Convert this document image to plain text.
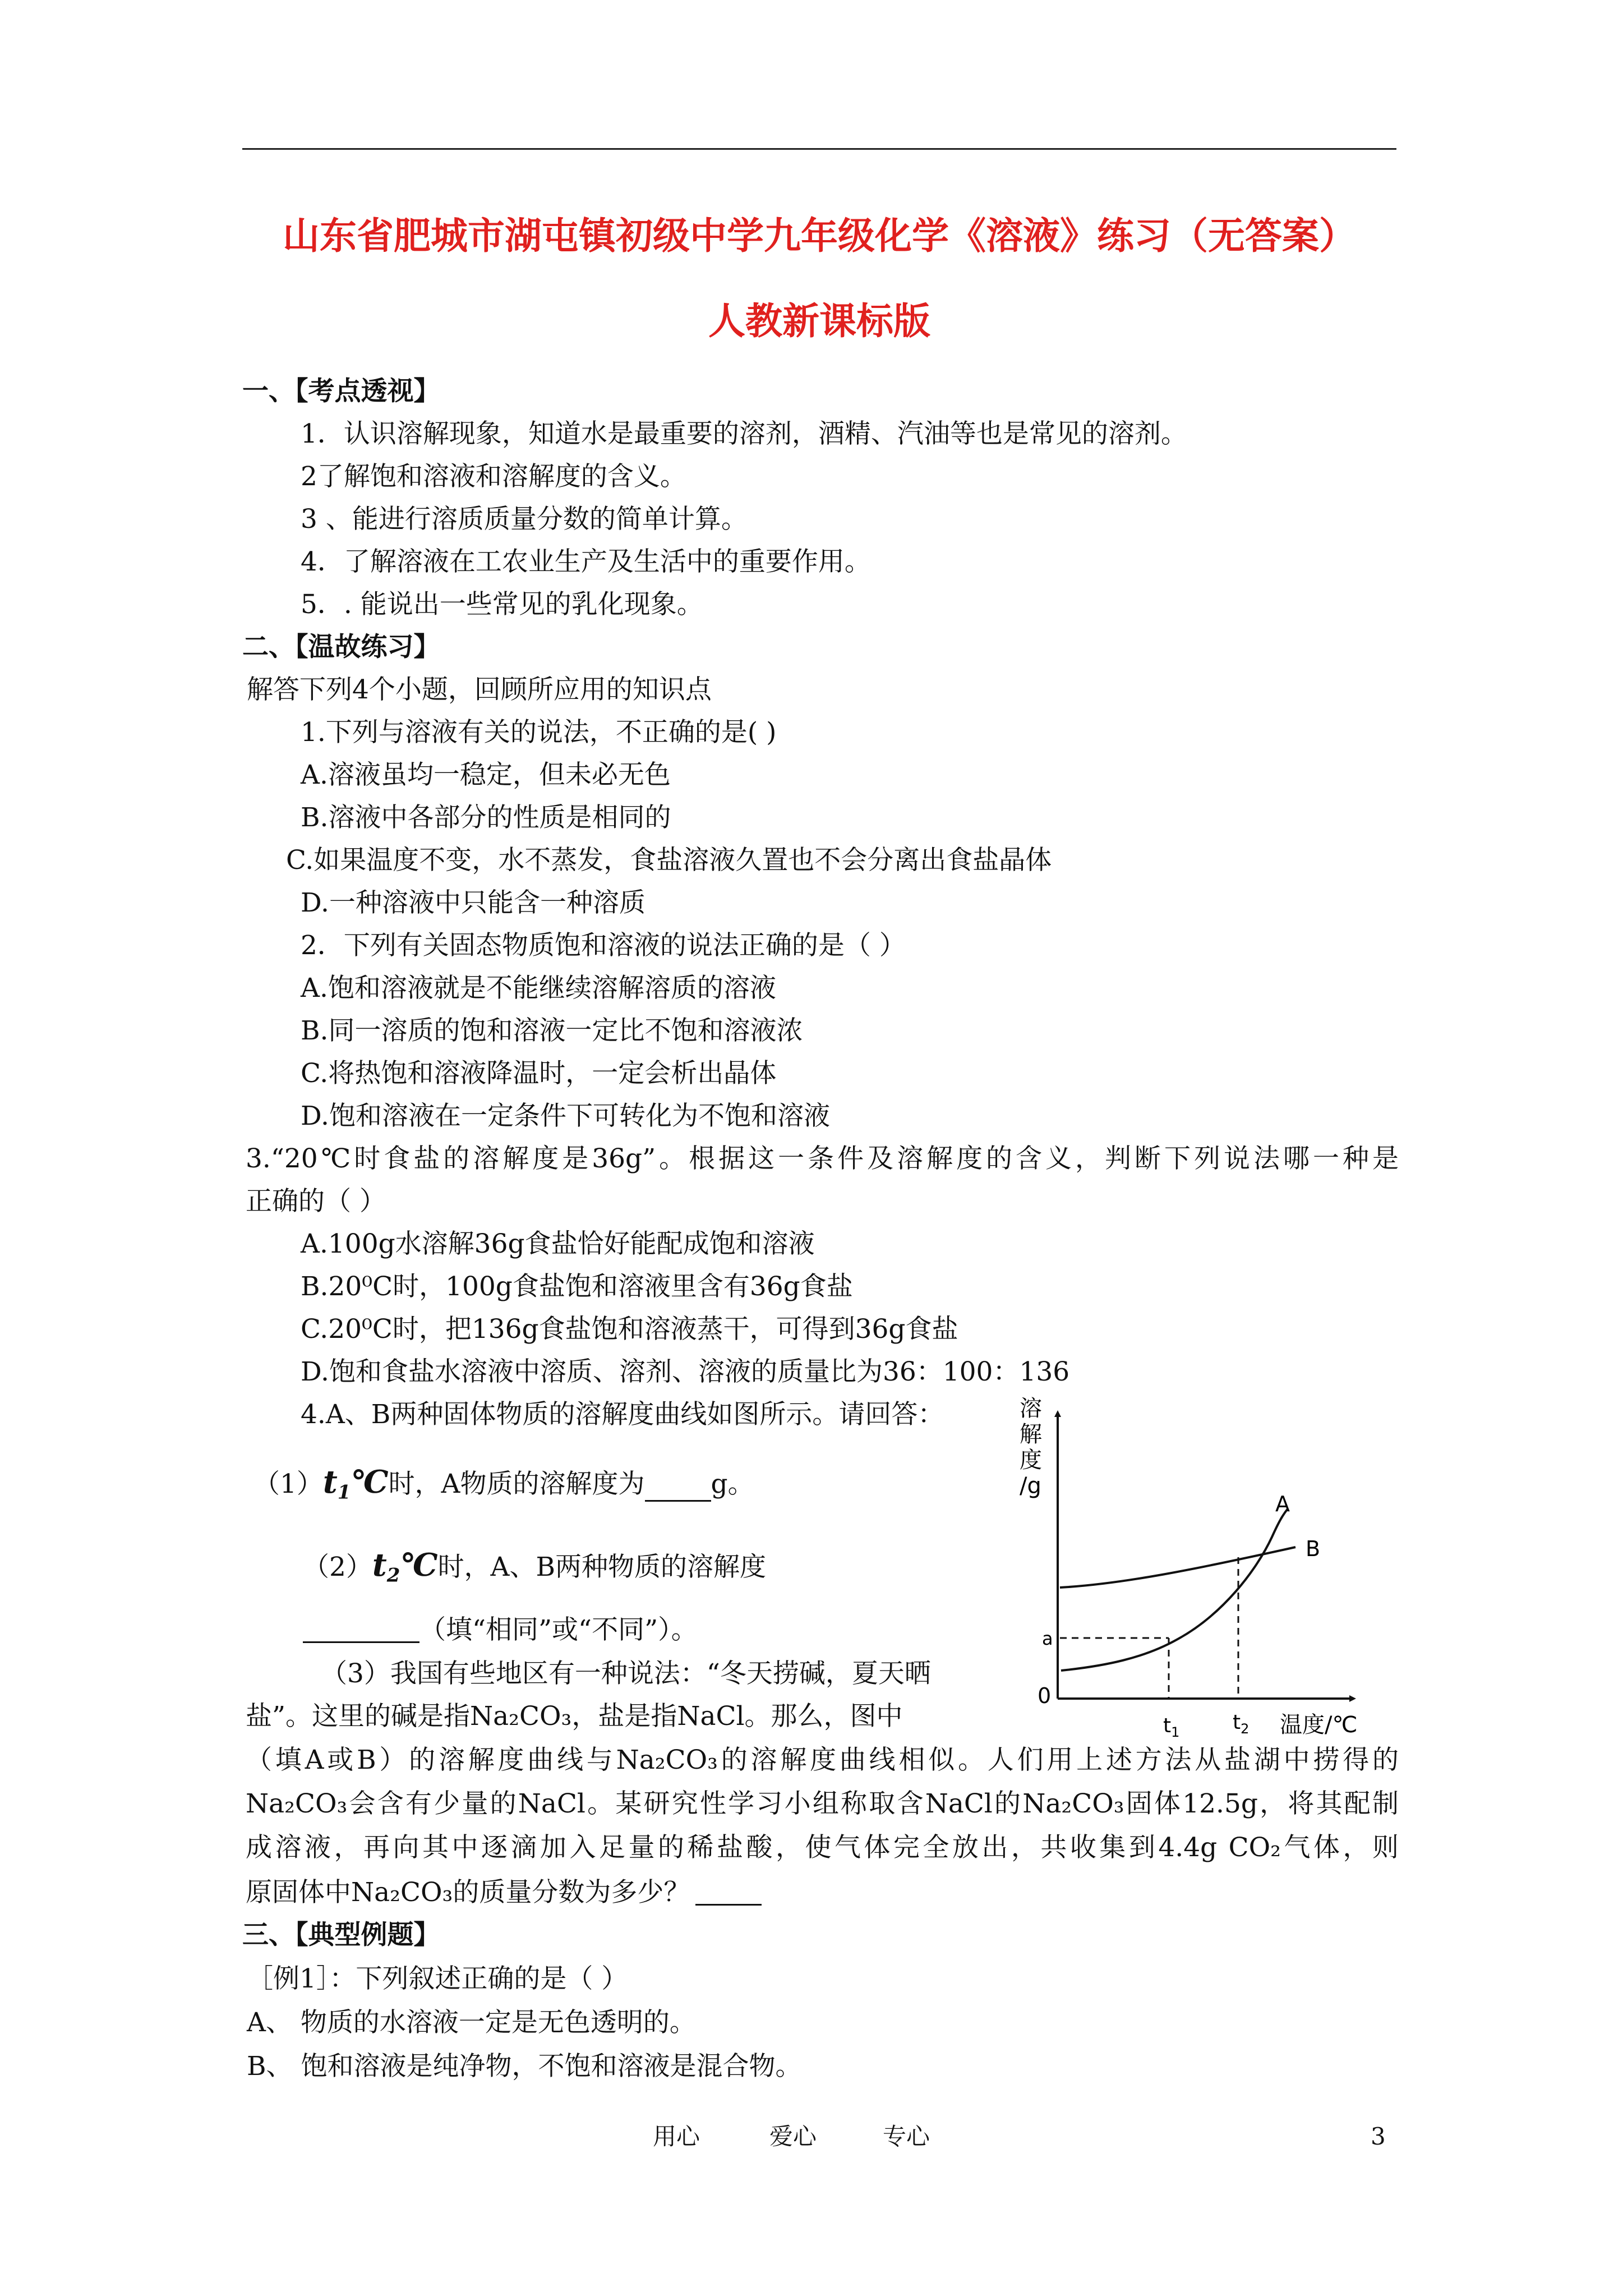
山东省肥城市湖屯镇初级中学九年级化学《溶液》练习（无答案）
人教新课标版
一、【考点透视】
1．认识溶解现象，知道水是最重要的溶剂，酒精、汽油等也是常见的溶剂。
2了解饱和溶液和溶解度的含义。
3 、能进行溶质质量分数的简单计算。
4．了解溶液在工农业生产及生活中的重要作用。
5．. 能说出一些常见的乳化现象。
二、【温故练习】
解答下列4个小题，回顾所应用的知识点
1.下列与溶液有关的说法，不正确的是( )
A.溶液虽均一稳定，但未必无色
B.溶液中各部分的性质是相同的
C.如果温度不变，水不蒸发，食盐溶液久置也不会分离出食盐晶体
D.一种溶液中只能含一种溶质
2．下列有关固态物质饱和溶液的说法正确的是（ ）
A.饱和溶液就是不能继续溶解溶质的溶液
B.同一溶质的饱和溶液一定比不饱和溶液浓
C.将热饱和溶液降温时，一定会析出晶体
D.饱和溶液在一定条件下可转化为不饱和溶液
3.“20℃时食盐的溶解度是36g”。根据这一条件及溶解度的含义，判断下列说法哪一种是
正确的（ ）
A.100g水溶解36g食盐恰好能配成饱和溶液
B.20⁰C时，100g食盐饱和溶液里含有36g食盐
C.20⁰C时，把136g食盐饱和溶液蒸干，可得到36g食盐
D.饱和食盐水溶液中溶质、溶剂、溶液的质量比为36：100：136
4.A、B两种固体物质的溶解度曲线如图所示。请回答：
$(1)t_1℃$时，A物质的溶解度为	g。
$(2)t_2℃$时，A、B两种物质的溶解度
（填“相同”或“不同”）。
（3）我国有些地区有一种说法：“冬天捞碱，夏天晒
盐”。这里的碱是指Na₂CO₃，盐是指NaCl。那么，图中
（填A或B）的溶解度曲线与Na₂CO₃的溶解度曲线相似。人们用上述方法从盐湖中捞得的
Na₂CO₃会含有少量的NaCl。某研究性学习小组称取含NaCl的Na₂CO₃固体12.5g，将其配制
成溶液，再向其中逐滴加入足量的稀盐酸，使气体完全放出，共收集到4.4g CO₂气体，则
原固体中Na₂CO₃的质量分数为多少？
三、【典型例题】
［例1］：下列叙述正确的是（ ）
A、 物质的水溶液一定是无色透明的。
B、 饱和溶液是纯净物，不饱和溶液是混合物。
溶
解
度
/g
A
B
a
0
$t_1$	$t_2$ 温度/℃
用心	爱心	专心	3
